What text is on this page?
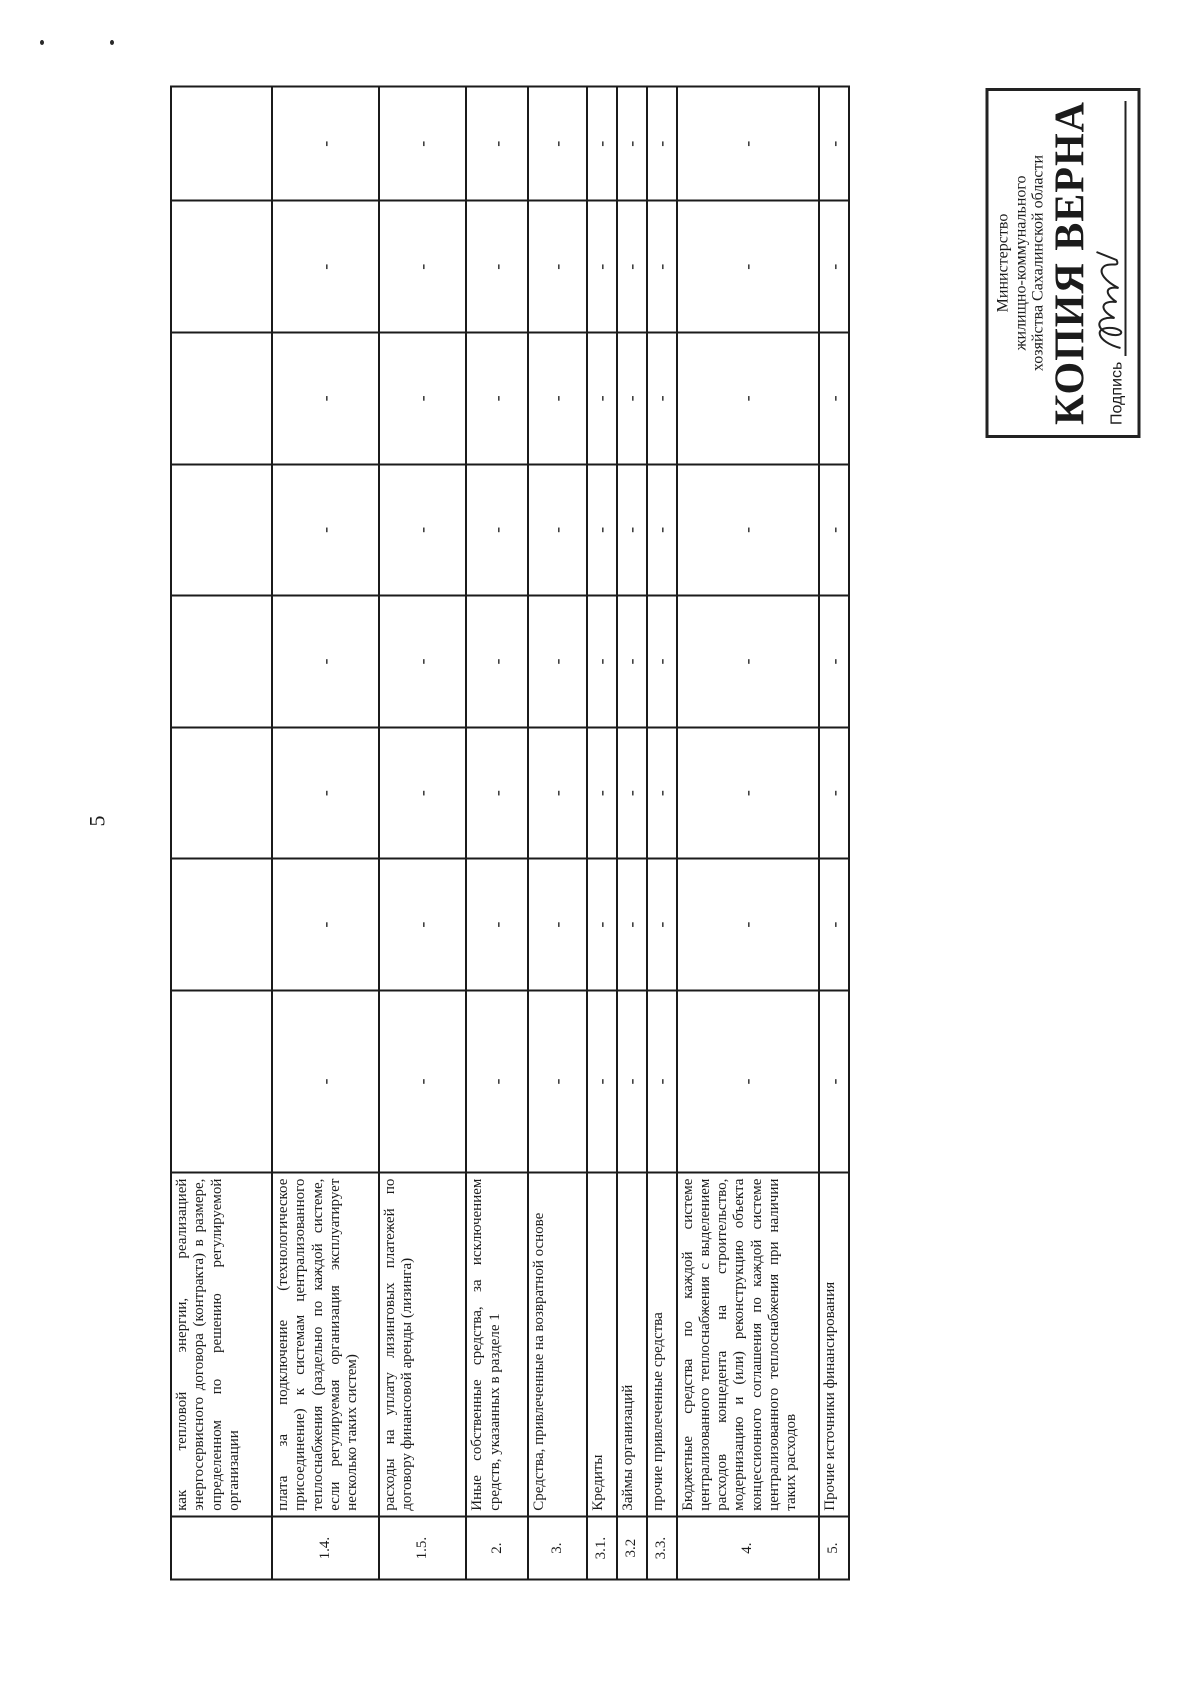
5
	как тепловой энергии, реализацией энергосервисного договора (контракта) в размере, определенном по решению регулируемой организации								
1.4.	плата за подключение (технологическое присоединение) к системам централизованного теплоснабжения (раздельно по каждой системе, если регулируемая организация эксплуатирует несколько таких систем)	-	-	-	-	-	-	-	-
1.5.	расходы на уплату лизинговых платежей по договору финансовой аренды (лизинга)	-	-	-	-	-	-	-	-
2.	Иные собственные средства, за исключением средств, указанных в разделе 1	-	-	-	-	-	-	-	-
3.	Средства, привлеченные на возвратной основе	-	-	-	-	-	-	-	-
3.1.	Кредиты	-	-	-	-	-	-	-	-
3.2	Займы организаций	-	-	-	-	-	-	-	-
3.3.	прочие привлеченные средства	-	-	-	-	-	-	-	-
4.	Бюджетные средства по каждой системе централизованного теплоснабжения с выделением расходов концедента на строительство, модернизацию и (или) реконструкцию объекта концессионного соглашения по каждой системе централизованного теплоснабжения при наличии таких расходов	-	-	-	-	-	-	-	-
5.	Прочие источники финансирования	-	-	-	-	-	-	-	-
Министерство жилищно-коммунального хозяйства Сахалинской области КОПИЯ ВЕРНА Подпись
